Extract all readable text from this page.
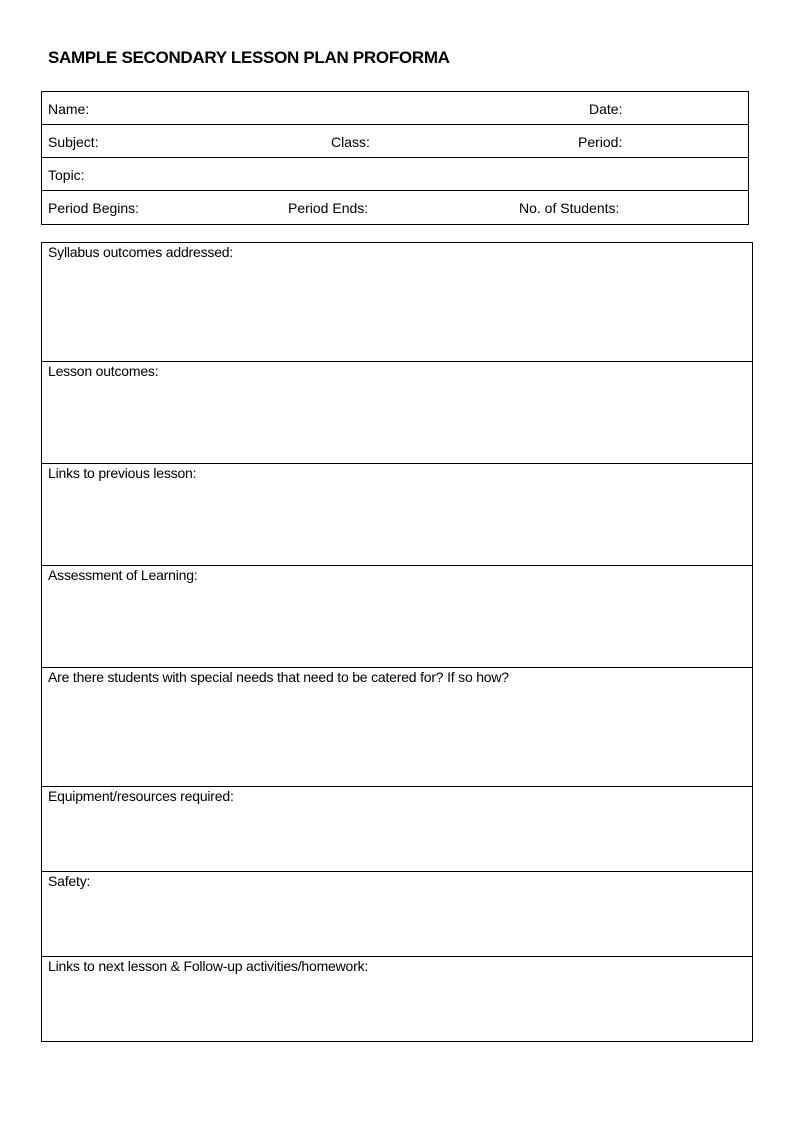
SAMPLE SECONDARY LESSON PLAN PROFORMA
Name:	Date:
Subject:	Class:	Period:
Topic:
Period Begins:	Period Ends:	No. of Students:
Syllabus outcomes addressed:
Lesson outcomes:
Links to previous lesson:
Assessment of Learning:
Are there students with special needs that need to be catered for? If so how?
Equipment/resources required:
Safety:
Links to next lesson & Follow-up activities/homework:
